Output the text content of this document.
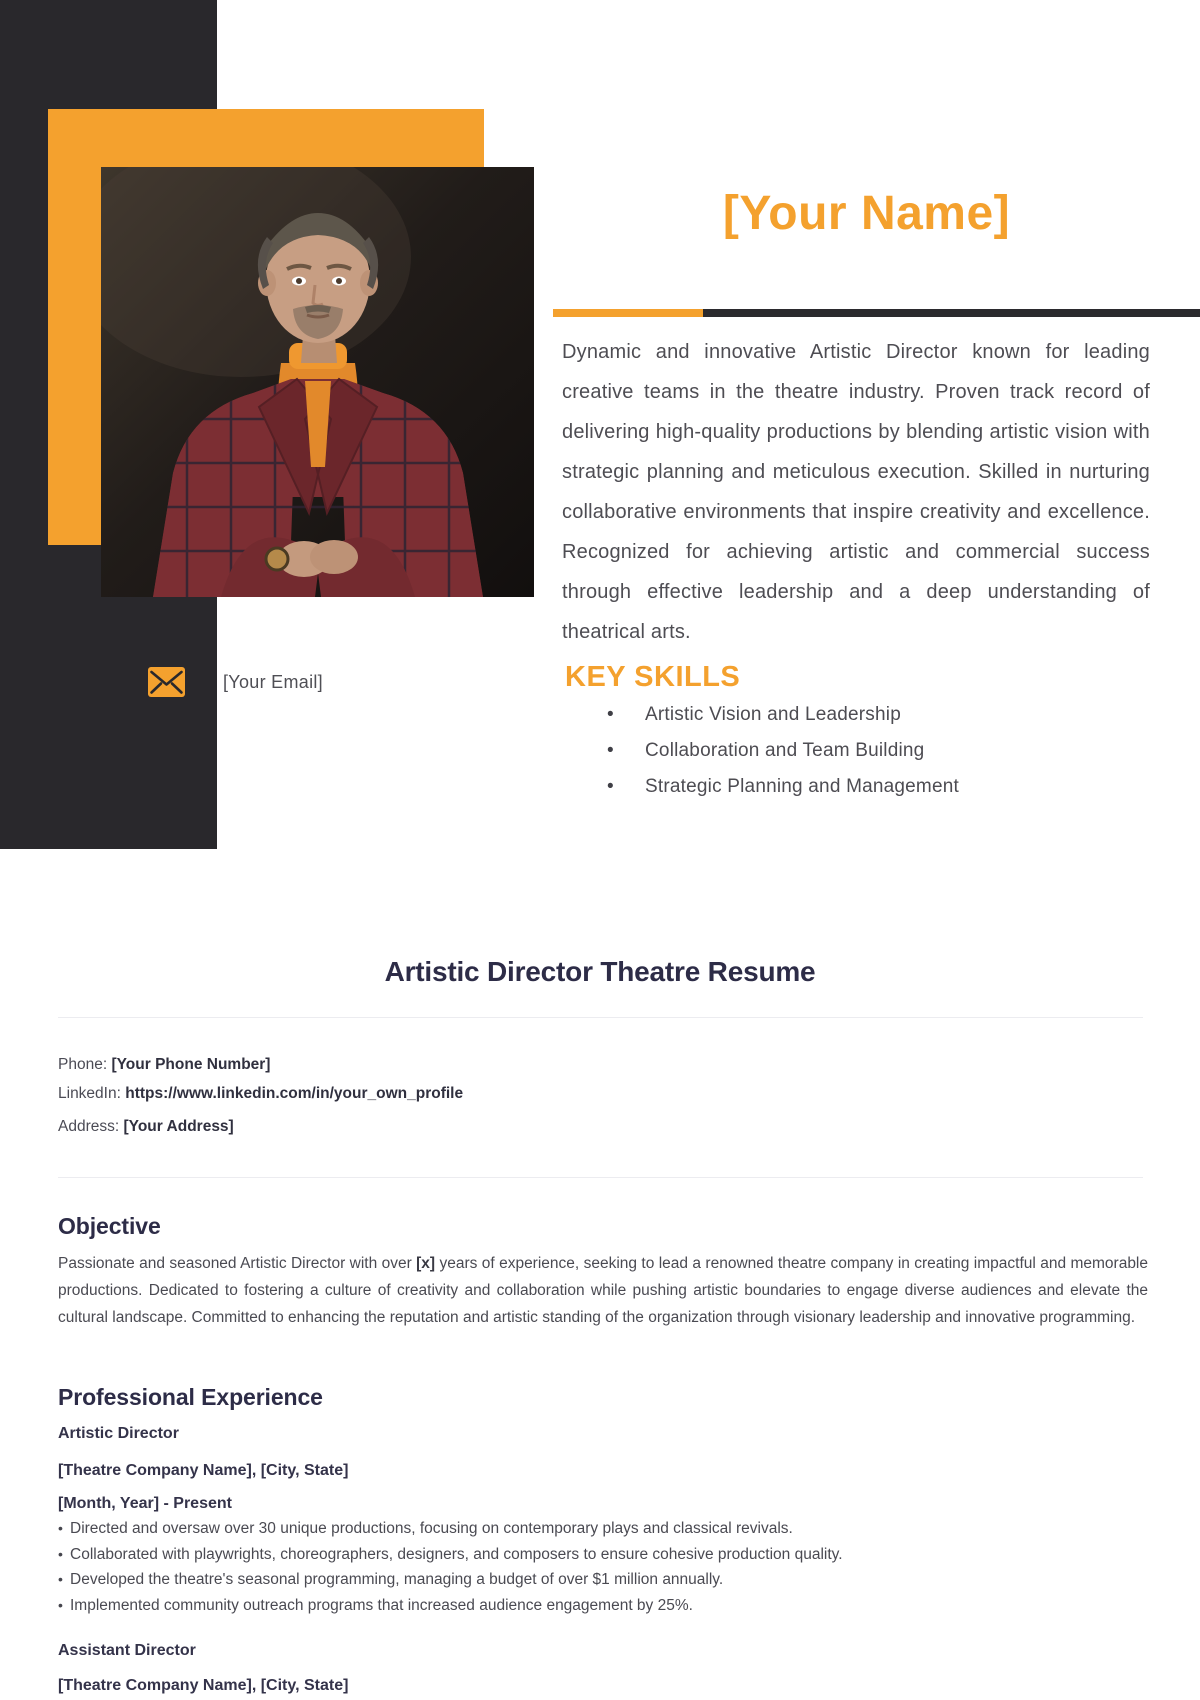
[Your Email]
[Your Name]

Dynamic and innovative Artistic Director known for leading creative teams in the theatre industry. Proven track record of delivering high-quality productions by blending artistic vision with strategic planning and meticulous execution. Skilled in nurturing collaborative environments that inspire creativity and excellence. Recognized for achieving artistic and commercial success through effective leadership and a deep understanding of theatrical arts.

KEY SKILLS
• Artistic Vision and Leadership
• Collaboration and Team Building
• Strategic Planning and Management
Artistic Director Theatre Resume
Phone: [Your Phone Number]
LinkedIn: https://www.linkedin.com/in/your_own_profile
Address: [Your Address]
Objective

Passionate and seasoned Artistic Director with over [x] years of experience, seeking to lead a renowned theatre company in creating impactful and memorable productions. Dedicated to fostering a culture of creativity and collaboration while pushing artistic boundaries to engage diverse audiences and elevate the cultural landscape. Committed to enhancing the reputation and artistic standing of the organization through visionary leadership and innovative programming.

Professional Experience
Artistic Director
[Theatre Company Name], [City, State]
[Month, Year] - Present
• Directed and oversaw over 30 unique productions, focusing on contemporary plays and classical revivals.
• Collaborated with playwrights, choreographers, designers, and composers to ensure cohesive production quality.
• Developed the theatre's seasonal programming, managing a budget of over $1 million annually.
• Implemented community outreach programs that increased audience engagement by 25%.
Assistant Director
[Theatre Company Name], [City, State]
